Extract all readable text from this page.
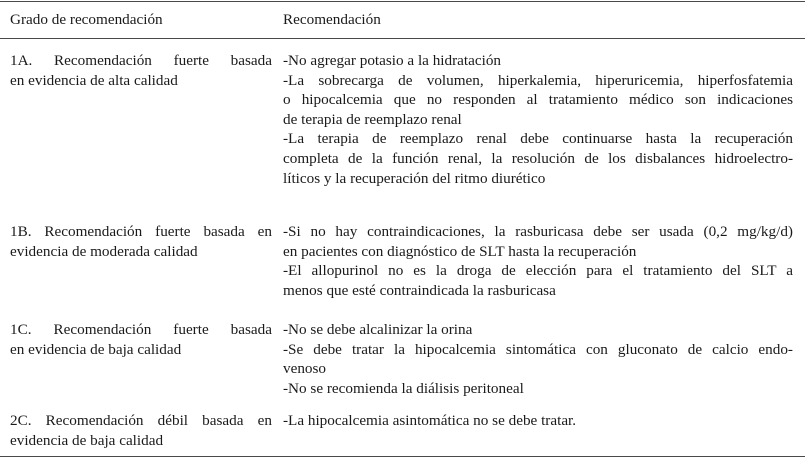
Grado de recomendación	Recomendación
1A. Recomendación fuerte basada
en evidencia de alta calidad
-No agregar potasio a la hidratación
-La sobrecarga de volumen, hiperkalemia, hiperuricemia, hiperfosfatemia
o hipocalcemia que no responden al tratamiento médico son indicaciones
de terapia de reemplazo renal
-La terapia de reemplazo renal debe continuarse hasta la recuperación
completa de la función renal, la resolución de los disbalances hidroelectro-
líticos y la recuperación del ritmo diurético
1B. Recomendación fuerte basada en
evidencia de moderada calidad
-Si no hay contraindicaciones, la rasburicasa debe ser usada (0,2 mg/kg/d)
en pacientes con diagnóstico de SLT hasta la recuperación
-El allopurinol no es la droga de elección para el tratamiento del SLT a
menos que esté contraindicada la rasburicasa
1C. Recomendación fuerte basada
en evidencia de baja calidad
-No se debe alcalinizar la orina
-Se debe tratar la hipocalcemia sintomática con gluconato de calcio endo-
venoso
-No se recomienda la diálisis peritoneal
2C. Recomendación débil basada en
evidencia de baja calidad
-La hipocalcemia asintomática no se debe tratar.
